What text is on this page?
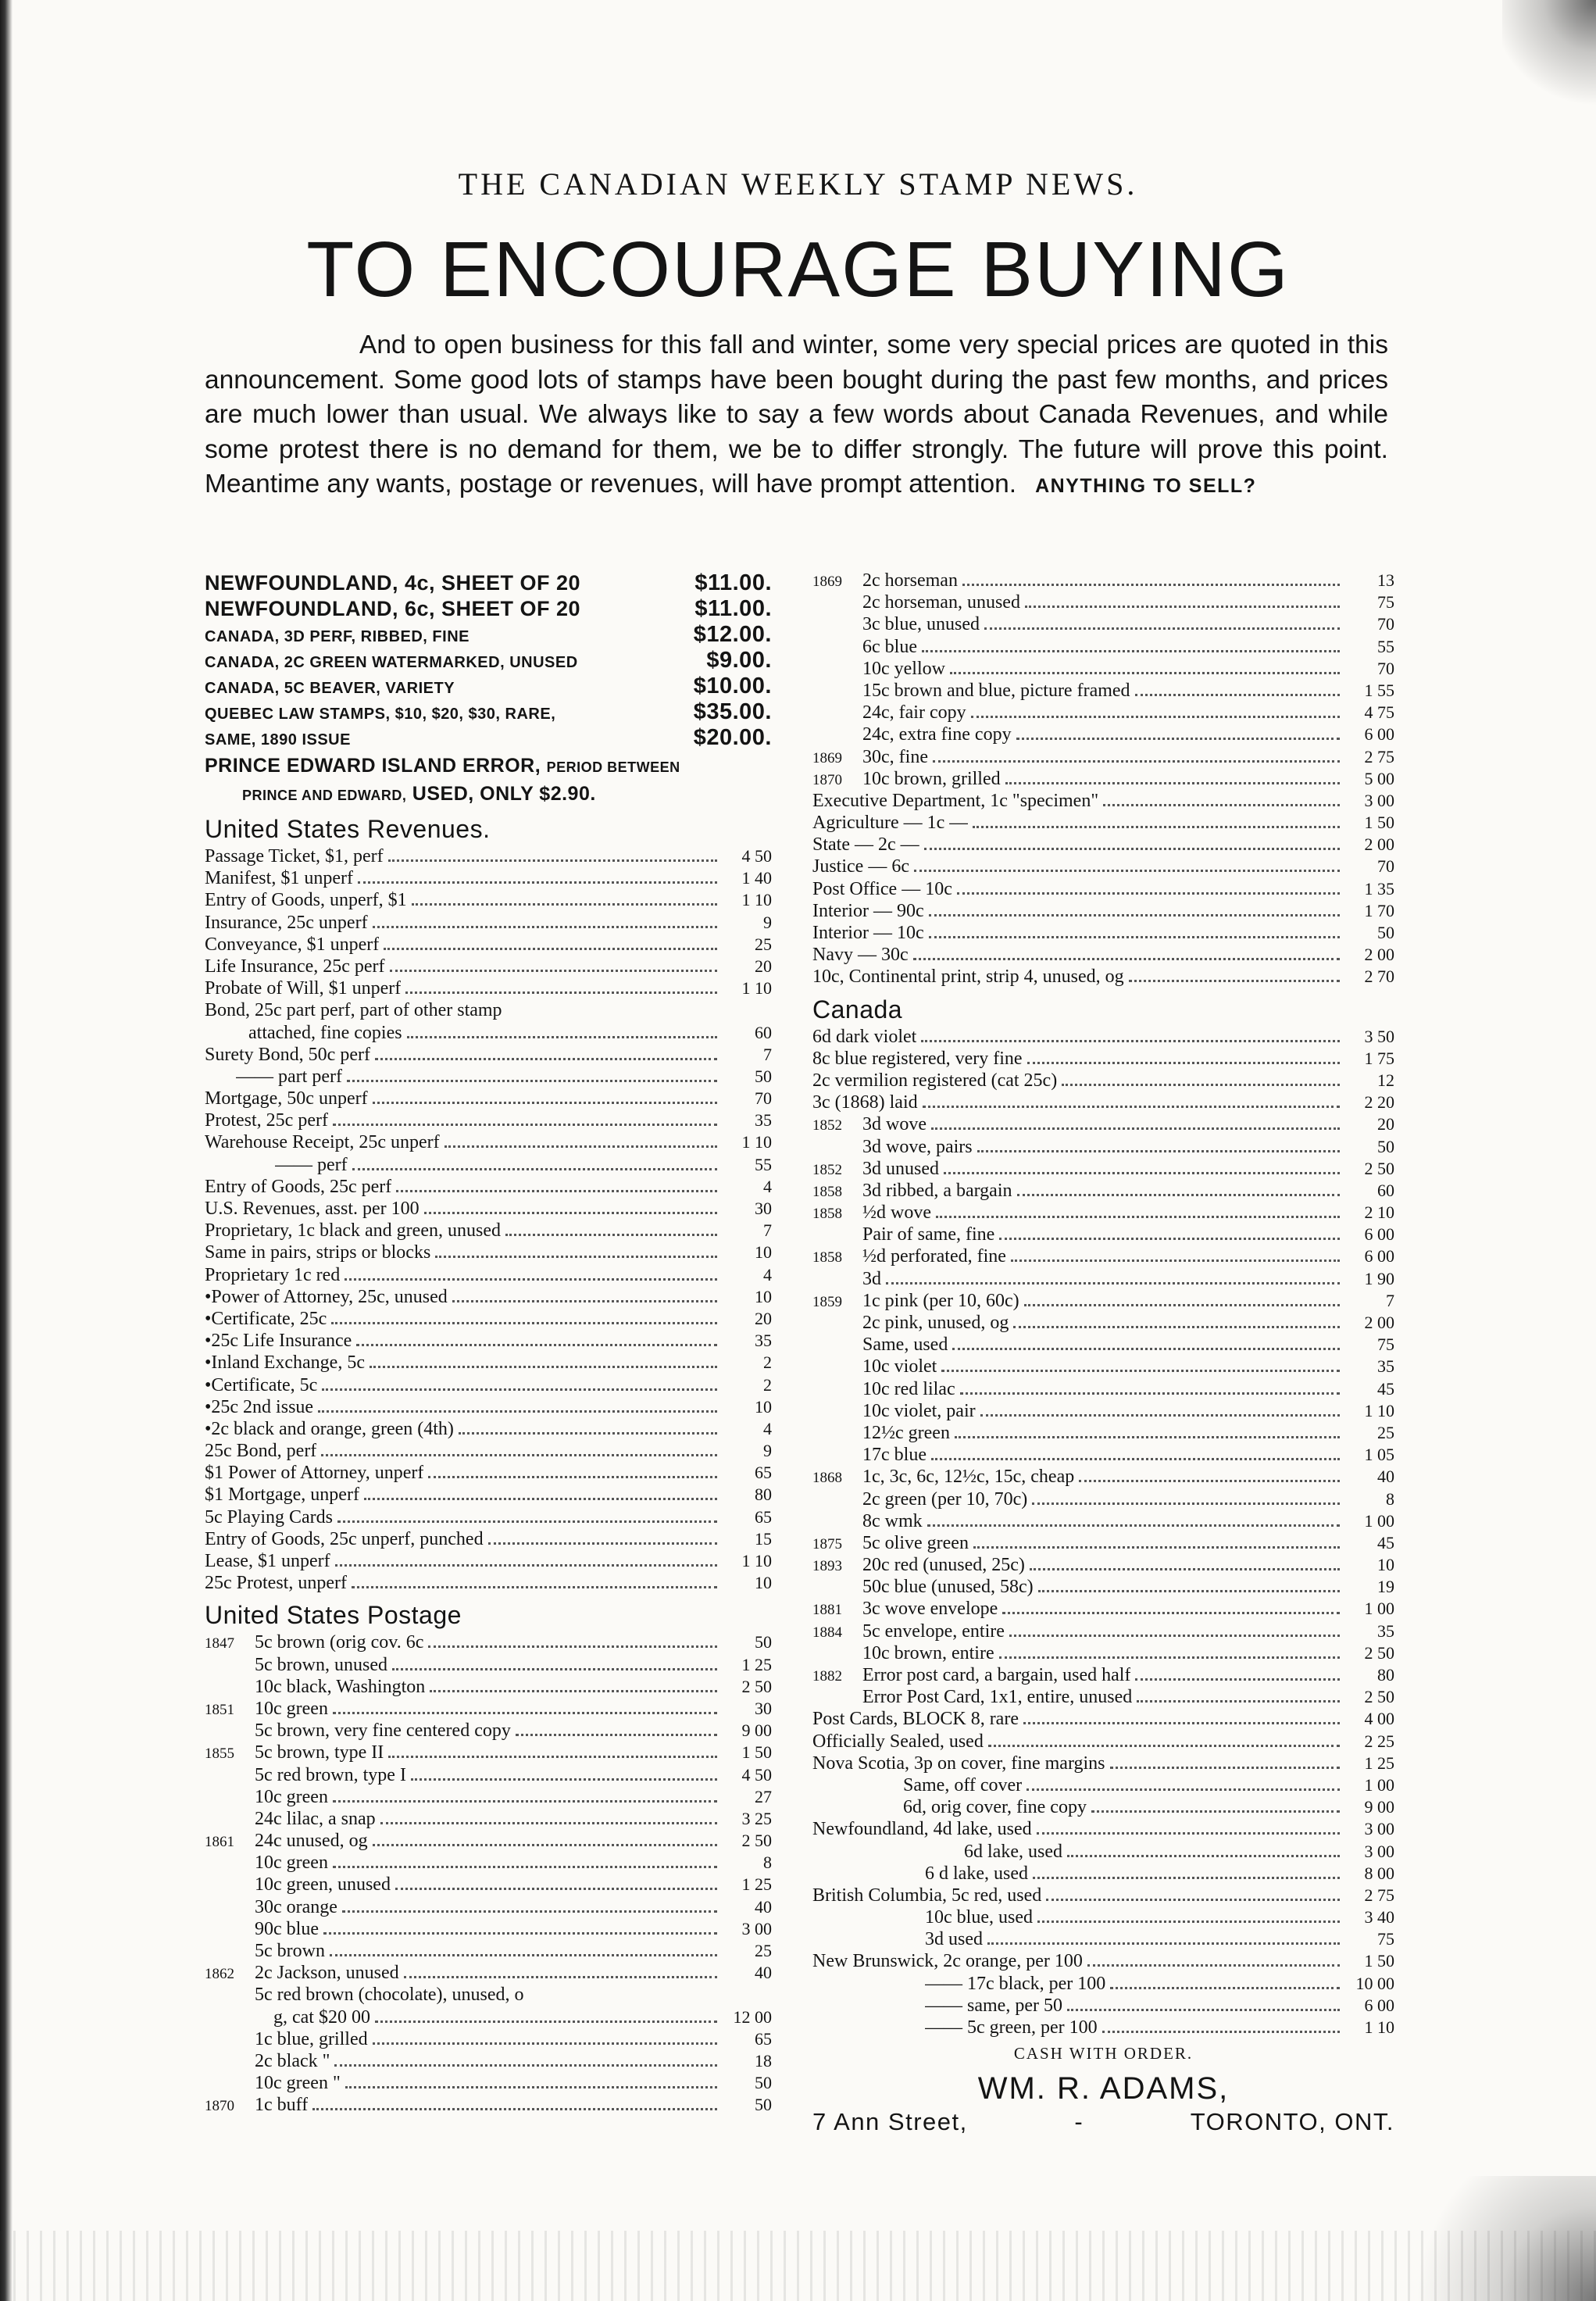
THE CANADIAN WEEKLY STAMP NEWS.
TO ENCOURAGE BUYING
And to open business for this fall and winter, some very special prices are quoted in this announcement. Some good lots of stamps have been bought during the past few months, and prices are much lower than usual. We always like to say a few words about Canada Revenues, and while some protest there is no demand for them, we be to differ strongly. The future will prove this point. Meantime any wants, postage or revenues, will have prompt attention. ANYTHING TO SELL?
NEWFOUNDLAND, 4c, SHEET OF 20	$11.00.
NEWFOUNDLAND, 6c, SHEET OF 20	$11.00.
CANADA, 3D PERF, RIBBED, FINE	$12.00.
CANADA, 2C GREEN WATERMARKED, UNUSED	$9.00.
CANADA, 5C BEAVER, VARIETY	$10.00.
QUEBEC LAW STAMPS, $10, $20, $30, RARE,	$35.00.
SAME, 1890 ISSUE	$20.00.
PRINCE EDWARD ISLAND ERROR, PERIOD BETWEEN
PRINCE AND EDWARD, USED, ONLY $2.90.
United States Revenues.
Passage Ticket, $1, perf	4 50
Manifest, $1 unperf	1 40
Entry of Goods, unperf, $1	1 10
Insurance, 25c unperf	9
Conveyance, $1 unperf	25
Life Insurance, 25c perf	20
Probate of Will, $1 unperf	1 10
Bond, 25c part perf, part of other stamp
attached, fine copies	60
Surety Bond, 50c perf	7
—— part perf	50
Mortgage, 50c unperf	70
Protest, 25c perf	35
Warehouse Receipt, 25c unperf	1 10
—— perf	55
Entry of Goods, 25c perf	4
U.S. Revenues, asst. per 100	30
Proprietary, 1c black and green, unused	7
Same in pairs, strips or blocks	10
Proprietary 1c red	4
•Power of Attorney, 25c, unused	10
•Certificate, 25c	20
•25c Life Insurance	35
•Inland Exchange, 5c	2
•Certificate, 5c	2
•25c 2nd issue	10
•2c black and orange, green (4th)	4
25c Bond, perf	9
$1 Power of Attorney, unperf	65
$1 Mortgage, unperf	80
5c Playing Cards	65
Entry of Goods, 25c unperf, punched	15
Lease, $1 unperf	1 10
25c Protest, unperf	10
United States Postage
1847	5c brown (orig cov. 6c	50
5c brown, unused	1 25
10c black, Washington	2 50
1851	10c green	30
5c brown, very fine centered copy	9 00
1855	5c brown, type II	1 50
5c red brown, type I	4 50
10c green	27
24c lilac, a snap	3 25
1861	24c unused, og	2 50
10c green	8
10c green, unused	1 25
30c orange	40
90c blue	3 00
5c brown	25
1862	2c Jackson, unused	40
5c red brown (chocolate), unused, o
g, cat $20 00	12 00
1c blue, grilled	65
2c black "	18
10c green "	50
1870	1c buff	50
1869	2c horseman	13
2c horseman, unused	75
3c blue, unused	70
6c blue	55
10c yellow	70
15c brown and blue, picture framed	1 55
24c, fair copy	4 75
24c, extra fine copy	6 00
1869	30c, fine	2 75
1870	10c brown, grilled	5 00
Executive Department, 1c "specimen"	3 00
Agriculture — 1c —	1 50
State — 2c —	2 00
Justice — 6c	70
Post Office — 10c	1 35
Interior — 90c	1 70
Interior — 10c	50
Navy — 30c	2 00
10c, Continental print, strip 4, unused, og	2 70
Canada
6d dark violet	3 50
8c blue registered, very fine	1 75
2c vermilion registered (cat 25c)	12
3c (1868) laid	2 20
1852	3d wove	20
3d wove, pairs	50
1852	3d unused	2 50
1858	3d ribbed, a bargain	60
1858	½d wove	2 10
Pair of same, fine	6 00
1858	½d perforated, fine	6 00
3d	1 90
1859	1c pink (per 10, 60c)	7
2c pink, unused, og	2 00
Same, used	75
10c violet	35
10c red lilac	45
10c violet, pair	1 10
12½c green	25
17c blue	1 05
1868	1c, 3c, 6c, 12½c, 15c, cheap	40
2c green (per 10, 70c)	8
8c wmk	1 00
1875	5c olive green	45
1893	20c red (unused, 25c)	10
50c blue (unused, 58c)	19
1881	3c wove envelope	1 00
1884	5c envelope, entire	35
10c brown, entire	2 50
1882	Error post card, a bargain, used half	80
Error Post Card, 1x1, entire, unused	2 50
Post Cards, BLOCK 8, rare	4 00
Officially Sealed, used	2 25
Nova Scotia, 3p on cover, fine margins	1 25
Same, off cover	1 00
6d, orig cover, fine copy	9 00
Newfoundland, 4d lake, used	3 00
6d lake, used	3 00
6 d lake, used	8 00
British Columbia, 5c red, used	2 75
10c blue, used	3 40
3d used	75
New Brunswick, 2c orange, per 100	1 50
—— 17c black, per 100	10 00
—— same, per 50	6 00
—— 5c green, per 100	1 10
CASH WITH ORDER.
WM. R. ADAMS,
7 Ann Street,	-	TORONTO, ONT.
